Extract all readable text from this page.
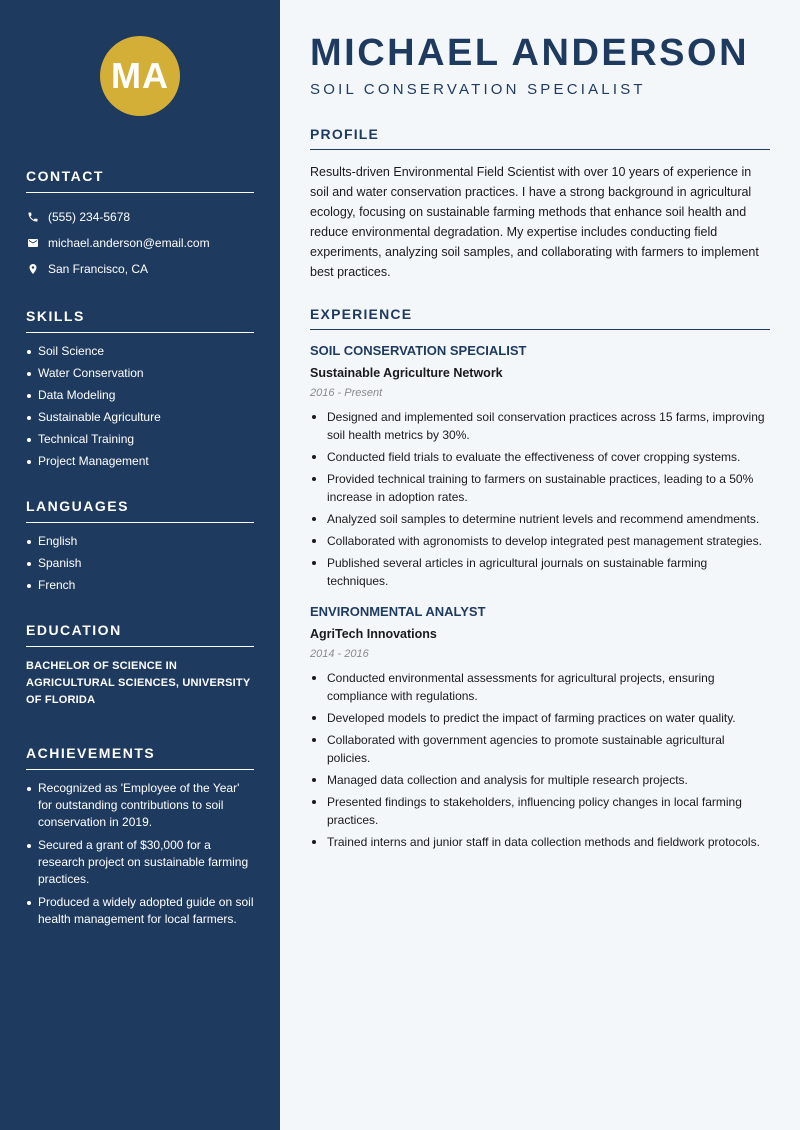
MA
CONTACT
(555) 234-5678
michael.anderson@email.com
San Francisco, CA
SKILLS
Soil Science
Water Conservation
Data Modeling
Sustainable Agriculture
Technical Training
Project Management
LANGUAGES
English
Spanish
French
EDUCATION
BACHELOR OF SCIENCE IN AGRICULTURAL SCIENCES, UNIVERSITY OF FLORIDA
ACHIEVEMENTS
Recognized as 'Employee of the Year' for outstanding contributions to soil conservation in 2019.
Secured a grant of $30,000 for a research project on sustainable farming practices.
Produced a widely adopted guide on soil health management for local farmers.
MICHAEL ANDERSON
SOIL CONSERVATION SPECIALIST
PROFILE

Results-driven Environmental Field Scientist with over 10 years of experience in soil and water conservation practices. I have a strong background in agricultural ecology, focusing on sustainable farming methods that enhance soil health and reduce environmental degradation. My expertise includes conducting field experiments, analyzing soil samples, and collaborating with farmers to implement best practices.

EXPERIENCE
SOIL CONSERVATION SPECIALIST
Sustainable Agriculture Network
2016 - Present
Designed and implemented soil conservation practices across 15 farms, improving soil health metrics by 30%.
Conducted field trials to evaluate the effectiveness of cover cropping systems.
Provided technical training to farmers on sustainable practices, leading to a 50% increase in adoption rates.
Analyzed soil samples to determine nutrient levels and recommend amendments.
Collaborated with agronomists to develop integrated pest management strategies.
Published several articles in agricultural journals on sustainable farming techniques.
ENVIRONMENTAL ANALYST
AgriTech Innovations
2014 - 2016
Conducted environmental assessments for agricultural projects, ensuring compliance with regulations.
Developed models to predict the impact of farming practices on water quality.
Collaborated with government agencies to promote sustainable agricultural policies.
Managed data collection and analysis for multiple research projects.
Presented findings to stakeholders, influencing policy changes in local farming practices.
Trained interns and junior staff in data collection methods and fieldwork protocols.
